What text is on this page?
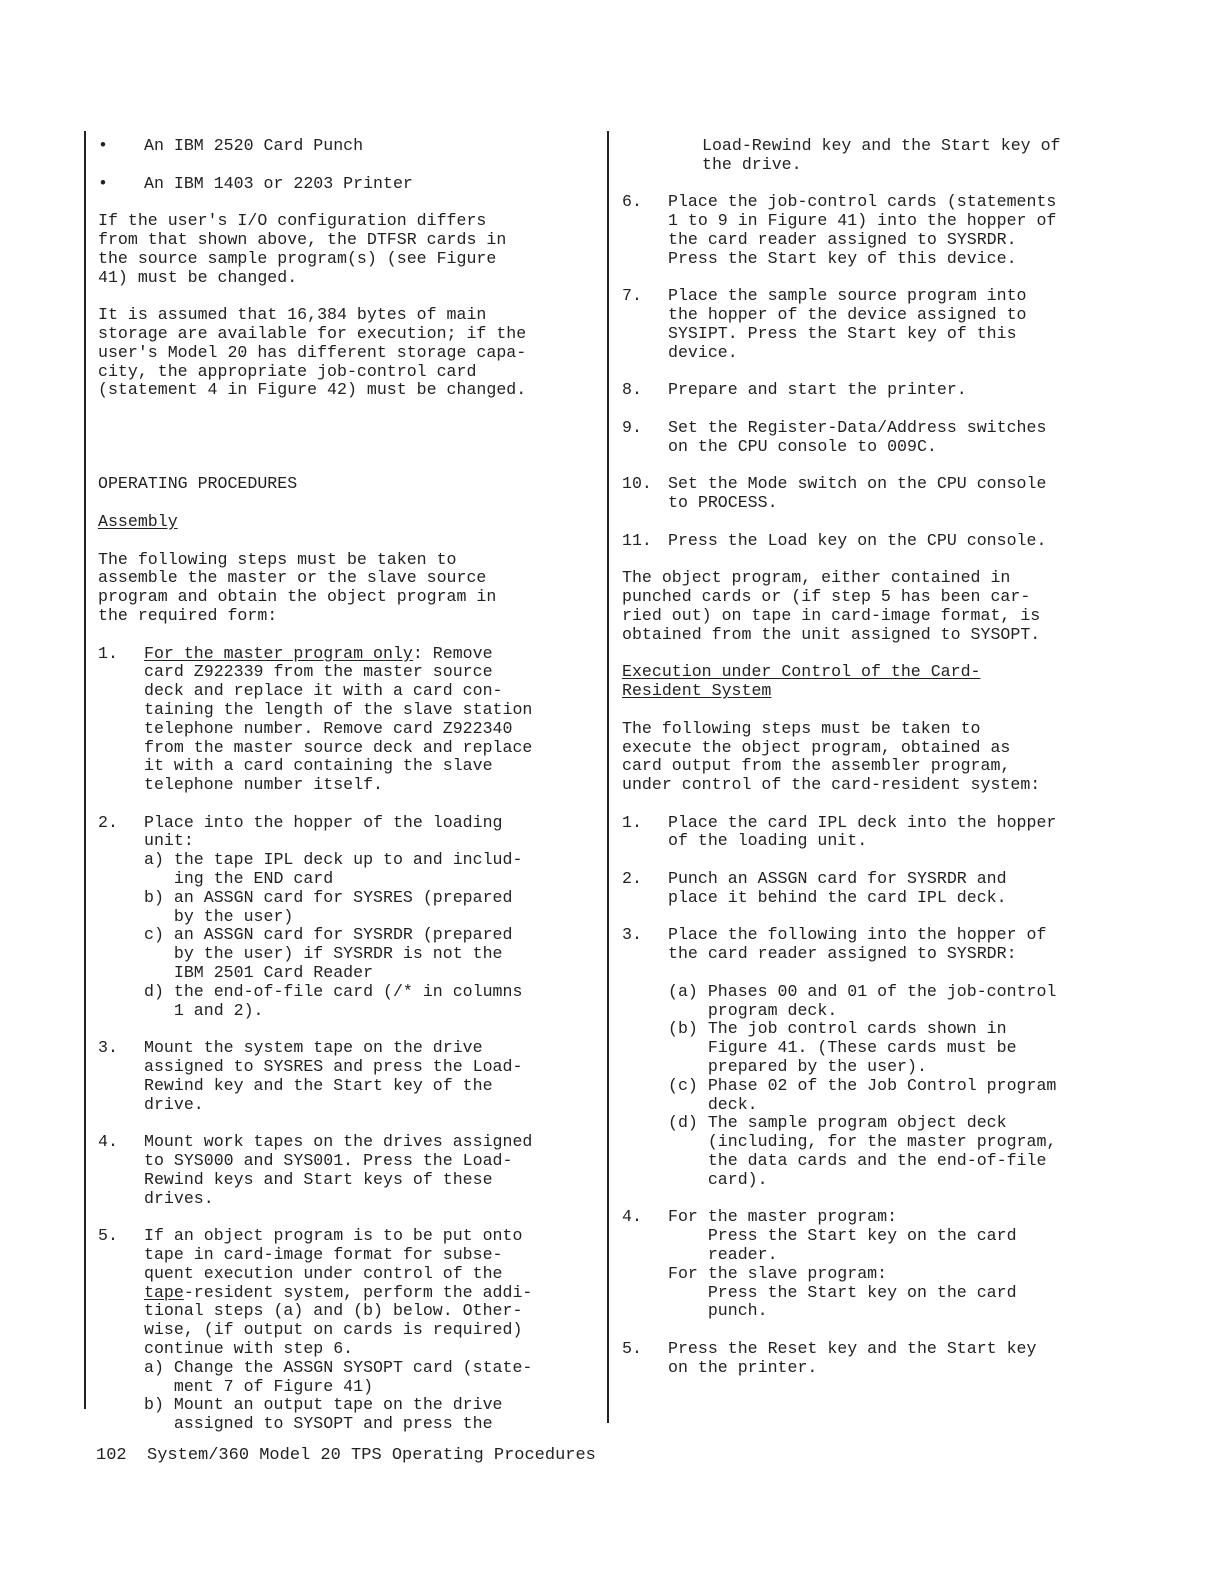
•	An IBM 2520 Card Punch
•	An IBM 1403 or 2203 Printer
If the user's I/O configuration differs
from that shown above, the DTFSR cards in
the source sample program(s) (see Figure
41) must be changed.
It is assumed that 16,384 bytes of main
storage are available for execution; if the
user's Model 20 has different storage capa-
city, the appropriate job-control card
(statement 4 in Figure 42) must be changed.
OPERATING PROCEDURES
Assembly
The following steps must be taken to
assemble the master or the slave source
program and obtain the object program in
the required form:
1.	For the master program only: Remove
card Z922339 from the master source
deck and replace it with a card con-
taining the length of the slave station
telephone number. Remove card Z922340
from the master source deck and replace
it with a card containing the slave
telephone number itself.
2.	Place into the hopper of the loading
unit:
a) the tape IPL deck up to and includ-
ing the END card
b) an ASSGN card for SYSRES (prepared
by the user)
c) an ASSGN card for SYSRDR (prepared
by the user) if SYSRDR is not the
IBM 2501 Card Reader
d) the end-of-file card (/* in columns
1 and 2).
3.	Mount the system tape on the drive
assigned to SYSRES and press the Load-
Rewind key and the Start key of the
drive.
4.	Mount work tapes on the drives assigned
to SYS000 and SYS001. Press the Load-
Rewind keys and Start keys of these
drives.
5.	If an object program is to be put onto
tape in card-image format for subse-
quent execution under control of the
tape-resident system, perform the addi-
tional steps (a) and (b) below. Other-
wise, (if output on cards is required)
continue with step 6.
a) Change the ASSGN SYSOPT card (state-
ment 7 of Figure 41)
b) Mount an output tape on the drive
assigned to SYSOPT and press the
Load-Rewind key and the Start key of
the drive.
6.	Place the job-control cards (statements
1 to 9 in Figure 41) into the hopper of
the card reader assigned to SYSRDR.
Press the Start key of this device.
7.	Place the sample source program into
the hopper of the device assigned to
SYSIPT. Press the Start key of this
device.
8.	Prepare and start the printer.
9.	Set the Register-Data/Address switches
on the CPU console to 009C.
10. Set the Mode switch on the CPU console
to PROCESS.
11. Press the Load key on the CPU console.
The object program, either contained in
punched cards or (if step 5 has been car-
ried out) on tape in card-image format, is
obtained from the unit assigned to SYSOPT.
Execution under Control of the Card-
Resident System
The following steps must be taken to
execute the object program, obtained as
card output from the assembler program,
under control of the card-resident system:
1.	Place the card IPL deck into the hopper
of the loading unit.
2.	Punch an ASSGN card for SYSRDR and
place it behind the card IPL deck.
3.	Place the following into the hopper of
the card reader assigned to SYSRDR:
(a) Phases 00 and 01 of the job-control
program deck.
(b) The job control cards shown in
Figure 41. (These cards must be
prepared by the user).
(c) Phase 02 of the Job Control program
deck.
(d) The sample program object deck
(including, for the master program,
the data cards and the end-of-file
card).
4.	For the master program:
Press the Start key on the card
reader.
For the slave program:
Press the Start key on the card
punch.
5.	Press the Reset key and the Start key
on the printer.
102  System/360 Model 20 TPS Operating Procedures
